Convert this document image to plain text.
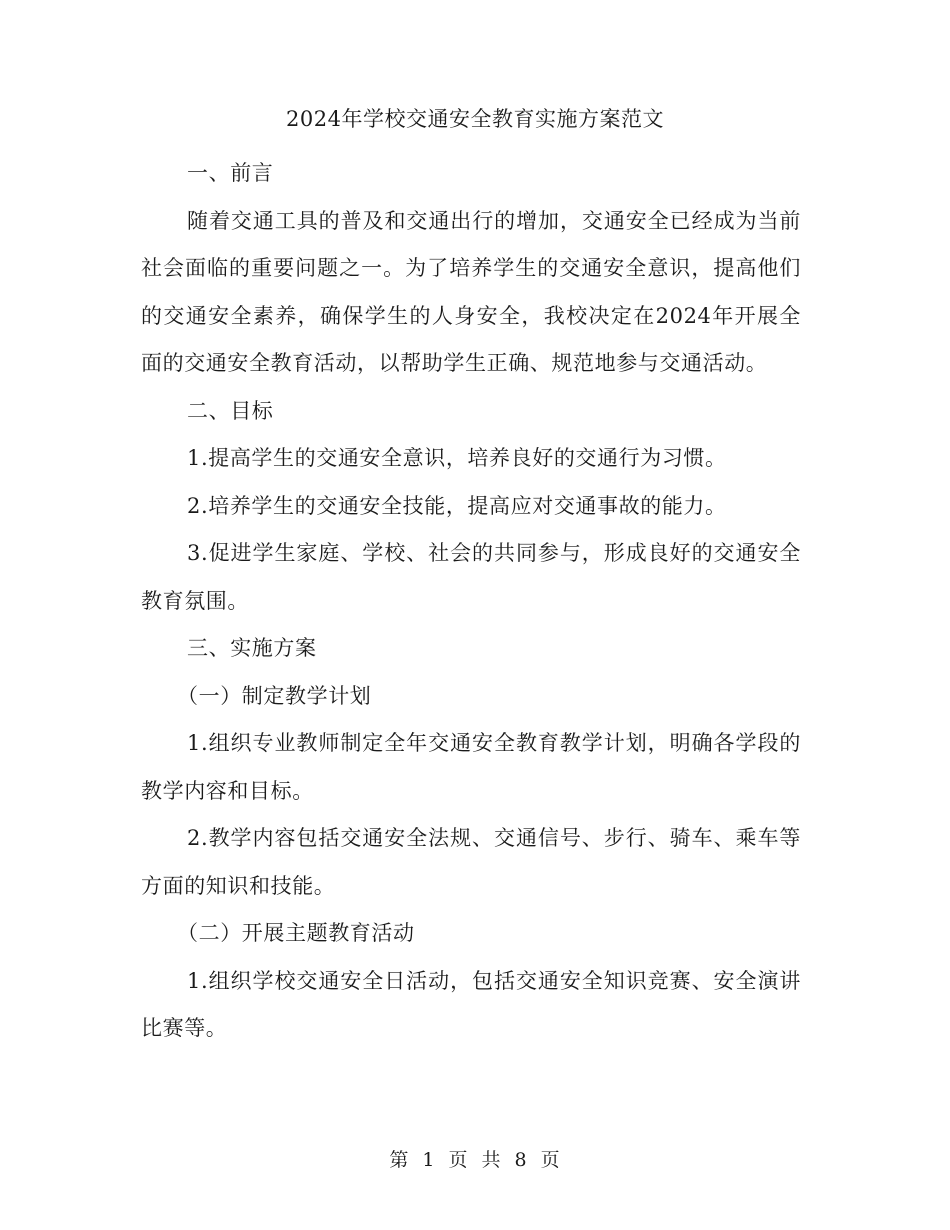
2024年学校交通安全教育实施方案范文

一、前言

随着交通工具的普及和交通出行的增加，交通安全已经成为当前社会面临的重要问题之一。为了培养学生的交通安全意识，提高他们的交通安全素养，确保学生的人身安全，我校决定在2024年开展全面的交通安全教育活动，以帮助学生正确、规范地参与交通活动。

二、目标

1.提高学生的交通安全意识，培养良好的交通行为习惯。

2.培养学生的交通安全技能，提高应对交通事故的能力。

3.促进学生家庭、学校、社会的共同参与，形成良好的交通安全教育氛围。

三、实施方案

（一）制定教学计划

1.组织专业教师制定全年交通安全教育教学计划，明确各学段的教学内容和目标。

2.教学内容包括交通安全法规、交通信号、步行、骑车、乘车等方面的知识和技能。

（二）开展主题教育活动

1.组织学校交通安全日活动，包括交通安全知识竞赛、安全演讲比赛等。

第 1 页 共 8 页
